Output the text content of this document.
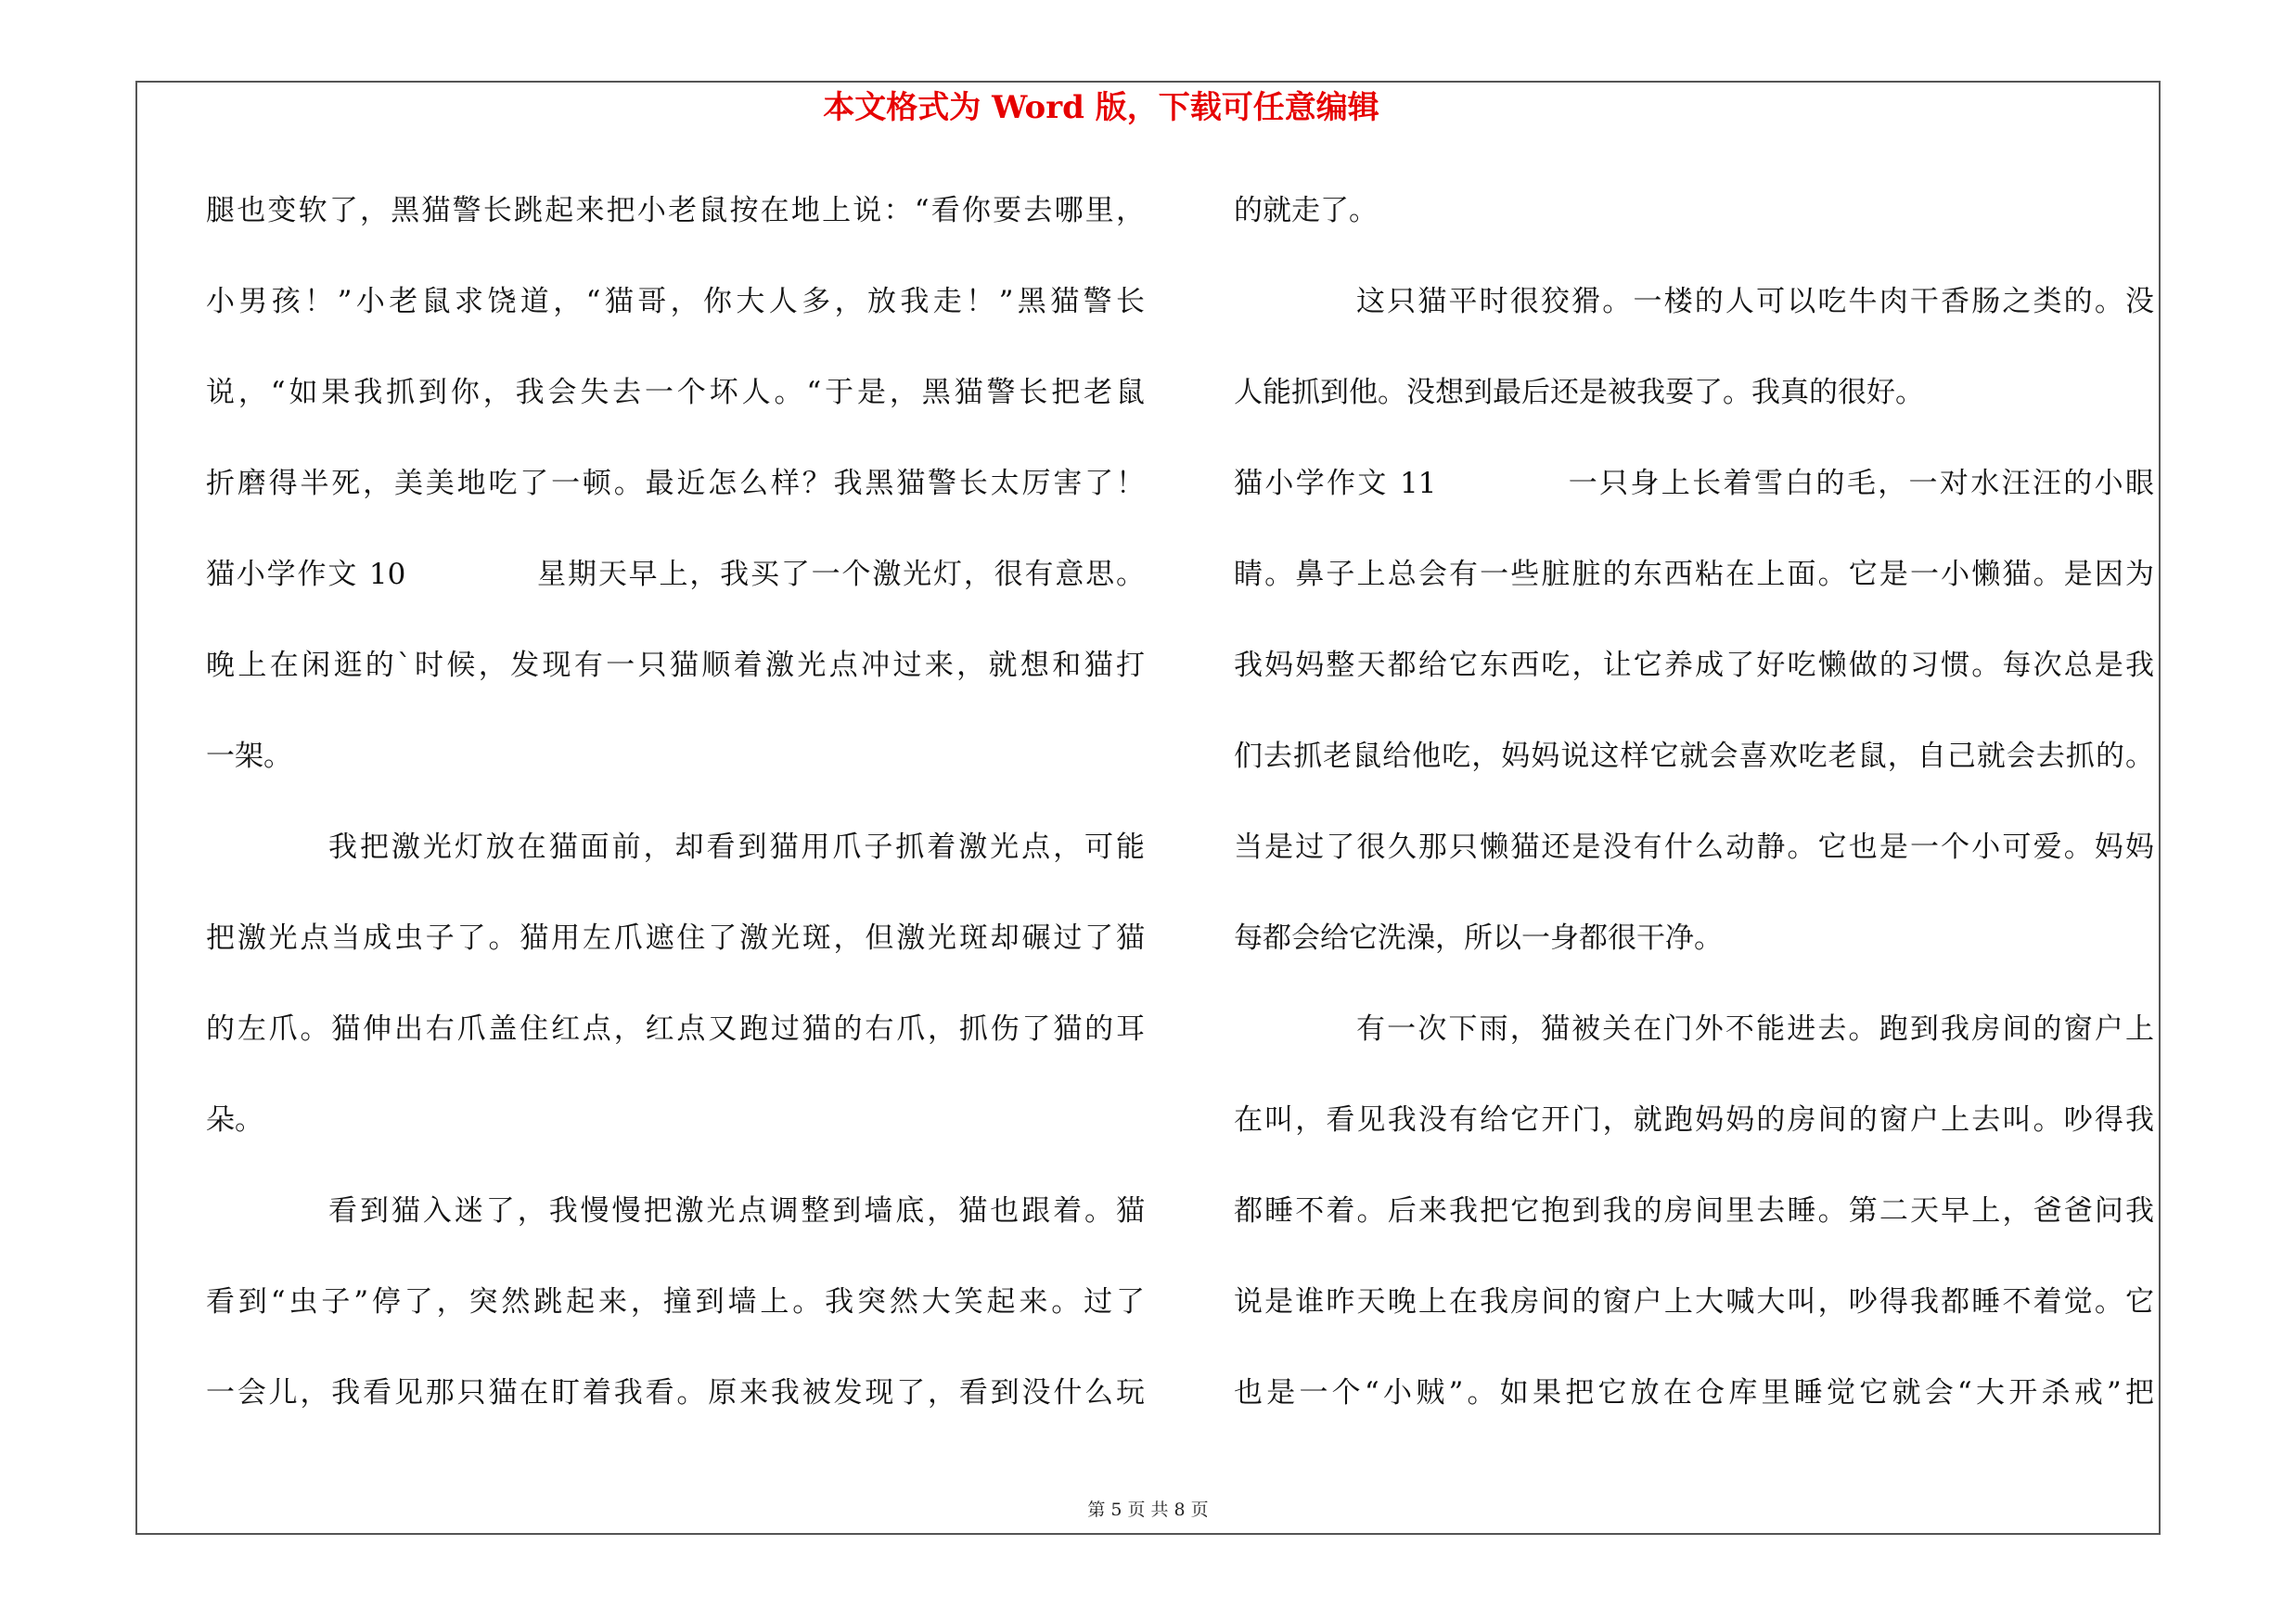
本文格式为 Word 版，下载可任意编辑
腿也变软了，黑猫警长跳起来把小老鼠按在地上说：“看你要去哪里，
小男孩！”小老鼠求饶道，“猫哥，你大人多，放我走！”黑猫警长
说，“如果我抓到你，我会失去一个坏人。“于是，黑猫警长把老鼠
折磨得半死，美美地吃了一顿。最近怎么样？我黑猫警长太厉害了！
猫小学作文 10	星期天早上，我买了一个激光灯，很有意思。
晚上在闲逛的`时候，发现有一只猫顺着激光点冲过来，就想和猫打
一架。
我把激光灯放在猫面前，却看到猫用爪子抓着激光点，可能
把激光点当成虫子了。猫用左爪遮住了激光斑，但激光斑却碾过了猫
的左爪。猫伸出右爪盖住红点，红点又跑过猫的右爪，抓伤了猫的耳
朵。
看到猫入迷了，我慢慢把激光点调整到墙底，猫也跟着。猫
看到“虫子”停了，突然跳起来，撞到墙上。我突然大笑起来。过了
一会儿，我看见那只猫在盯着我看。原来我被发现了，看到没什么玩
的就走了。
这只猫平时很狡猾。一楼的人可以吃牛肉干香肠之类的。没
人能抓到他。没想到最后还是被我耍了。我真的很好。
猫小学作文 11	一只身上长着雪白的毛，一对水汪汪的小眼
睛。鼻子上总会有一些脏脏的东西粘在上面。它是一小懒猫。是因为
我妈妈整天都给它东西吃，让它养成了好吃懒做的习惯。每次总是我
们去抓老鼠给他吃，妈妈说这样它就会喜欢吃老鼠，自己就会去抓的。
当是过了很久那只懒猫还是没有什么动静。它也是一个小可爱。妈妈
每都会给它洗澡，所以一身都很干净。
有一次下雨，猫被关在门外不能进去。跑到我房间的窗户上
在叫，看见我没有给它开门，就跑妈妈的房间的窗户上去叫。吵得我
都睡不着。后来我把它抱到我的房间里去睡。第二天早上，爸爸问我
说是谁昨天晚上在我房间的窗户上大喊大叫，吵得我都睡不着觉。它
也是一个“小贼”。如果把它放在仓库里睡觉它就会“大开杀戒”把
第 5 页 共 8 页
